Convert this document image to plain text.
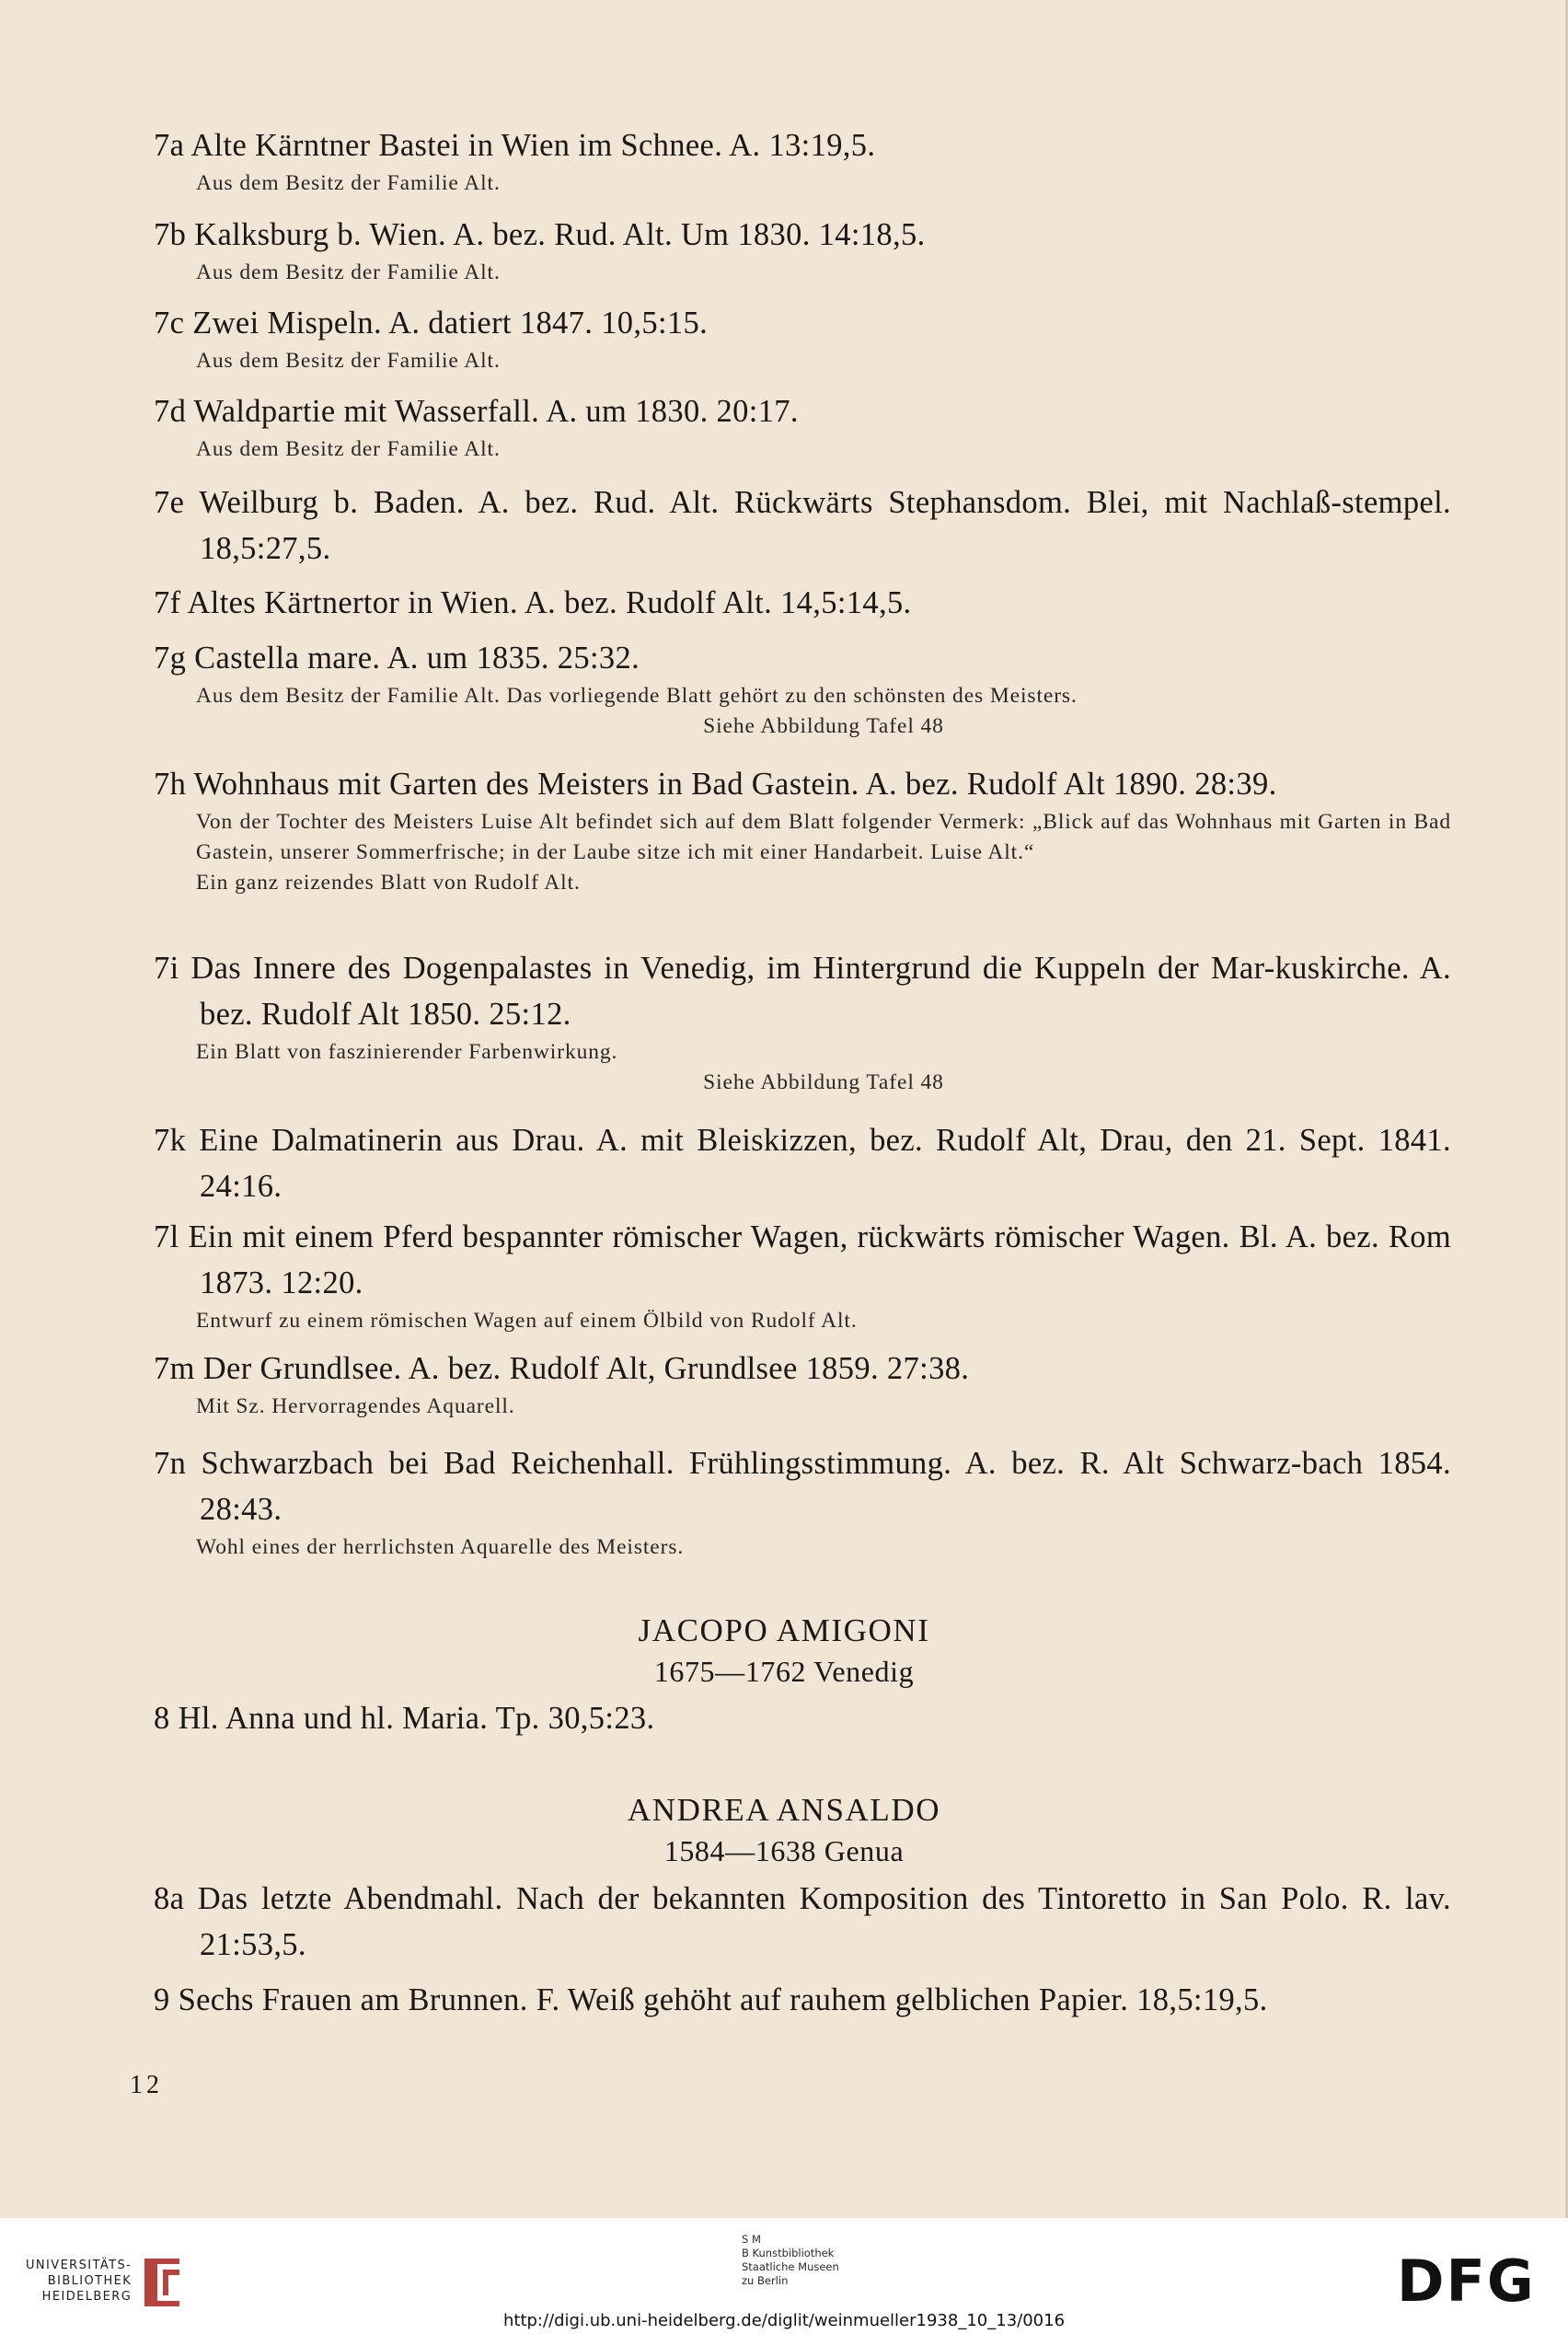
7a Alte Kärntner Bastei in Wien im Schnee. A. 13:19,5.
Aus dem Besitz der Familie Alt.
7b Kalksburg b. Wien. A. bez. Rud. Alt. Um 1830. 14:18,5.
Aus dem Besitz der Familie Alt.
7c Zwei Mispeln. A. datiert 1847. 10,5:15.
Aus dem Besitz der Familie Alt.
7d Waldpartie mit Wasserfall. A. um 1830. 20:17.
Aus dem Besitz der Familie Alt.
7e Weilburg b. Baden. A. bez. Rud. Alt. Rückwärts Stephansdom. Blei, mit Nachlaß-stempel. 18,5:27,5.
7f Altes Kärtnertor in Wien. A. bez. Rudolf Alt. 14,5:14,5.
7g Castella mare. A. um 1835. 25:32.
Aus dem Besitz der Familie Alt. Das vorliegende Blatt gehört zu den schönsten des Meisters.
Siehe Abbildung Tafel 48
7h Wohnhaus mit Garten des Meisters in Bad Gastein. A. bez. Rudolf Alt 1890. 28:39.
Von der Tochter des Meisters Luise Alt befindet sich auf dem Blatt folgender Vermerk: „Blick auf das Wohnhaus mit Garten in Bad Gastein, unserer Sommerfrische; in der Laube sitze ich mit einer Handarbeit. Luise Alt.“
Ein ganz reizendes Blatt von Rudolf Alt.
7i Das Innere des Dogenpalastes in Venedig, im Hintergrund die Kuppeln der Mar-kuskirche. A. bez. Rudolf Alt 1850. 25:12.
Ein Blatt von faszinierender Farbenwirkung.
Siehe Abbildung Tafel 48
7k Eine Dalmatinerin aus Drau. A. mit Bleiskizzen, bez. Rudolf Alt, Drau, den 21. Sept. 1841. 24:16.
7l Ein mit einem Pferd bespannter römischer Wagen, rückwärts römischer Wagen. Bl. A. bez. Rom 1873. 12:20.
Entwurf zu einem römischen Wagen auf einem Ölbild von Rudolf Alt.
7m Der Grundlsee. A. bez. Rudolf Alt, Grundlsee 1859. 27:38.
Mit Sz. Hervorragendes Aquarell.
7n Schwarzbach bei Bad Reichenhall. Frühlingsstimmung. A. bez. R. Alt Schwarz-bach 1854. 28:43.
Wohl eines der herrlichsten Aquarelle des Meisters.
JACOPO AMIGONI
1675—1762 Venedig
8 Hl. Anna und hl. Maria. Tp. 30,5:23.
ANDREA ANSALDO
1584—1638 Genua
8a Das letzte Abendmahl. Nach der bekannten Komposition des Tintoretto in San Polo. R. lav. 21:53,5.
9 Sechs Frauen am Brunnen. F. Weiß gehöht auf rauhem gelblichen Papier. 18,5:19,5.
12
UNIVERSITÄTS-
BIBLIOTHEK
HEIDELBERG
S M
B Kunstbibliothek
Staatliche Museen
zu Berlin	DFG
http://digi.ub.uni-heidelberg.de/diglit/weinmueller1938_10_13/0016
